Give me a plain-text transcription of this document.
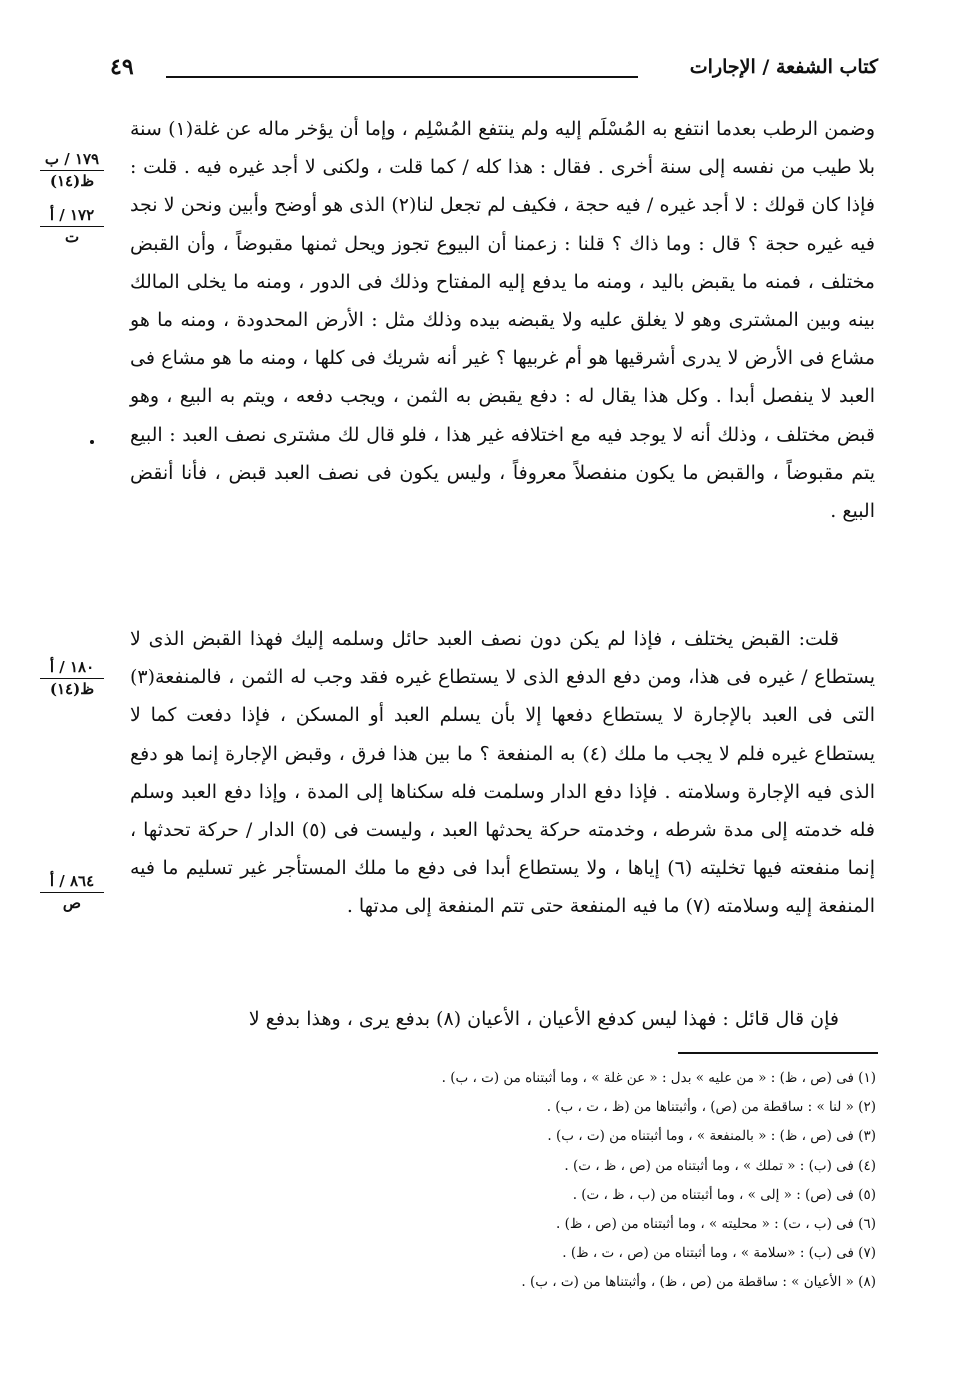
كتاب الشفعة / الإجارات
٤٩

وضمن الرطب بعدما انتفع به المُسْلَم إليه ولم ينتفع المُسْلِم ، وإما أن يؤخر ماله عن غلة(١) سنة بلا طيب من نفسه إلى سنة أخرى . فقال : هذا كله / كما قلت ، ولكنى لا أجد غيره فيه . قلت : فإذا كان قولك : لا أجد غيره / فيه حجة ، فكيف لم تجعل لنا(٢) الذى هو أوضح وأبين ونحن لا نجد فيه غيره حجة ؟ قال : وما ذاك ؟ قلنا : زعمنا أن البيوع تجوز ويحل ثمنها مقبوضاً ، وأن القبض مختلف ، فمنه ما يقبض باليد ، ومنه ما يدفع إليه المفتاح وذلك فى الدور ، ومنه ما يخلى المالك بينه وبين المشترى وهو لا يغلق عليه ولا يقبضه بيده وذلك مثل : الأرض المحدودة ، ومنه ما هو مشاع فى الأرض لا يدرى أشرقيها هو أم غربيها ؟ غير أنه شريك فى كلها ، ومنه ما هو مشاع فى العبد لا ينفصل أبدا . وكل هذا يقال له : دفع يقبض به الثمن ، ويجب دفعه ، ويتم به البيع ، وهو قبض مختلف ، وذلك أنه لا يوجد فيه مع اختلافه غير هذا ، فلو قال لك مشترى نصف العبد : البيع يتم مقبوضاً ، والقبض ما يكون منفصلاً معروفاً ، وليس يكون فى نصف العبد قبض ، فأنا أنقض البيع .

قلت: القبض يختلف ، فإذا لم يكن دون نصف العبد حائل وسلمه إليك فهذا القبض الذى لا يستطاع / غيره فى هذا، ومن دفع الدفع الذى لا يستطاع غيره فقد وجب له الثمن ، فالمنفعة(٣) التى فى العبد بالإجارة لا يستطاع دفعها إلا بأن يسلم العبد أو المسكن ، فإذا دفعت كما لا يستطاع غيره فلم لا يجب ما ملك (٤) به المنفعة ؟ ما بين هذا فرق ، وقبض الإجارة إنما هو دفع الذى فيه الإجارة وسلامته . فإذا دفع الدار وسلمت فله سكناها إلى المدة ، وإذا دفع العبد وسلم فله خدمته إلى مدة شرطه ، وخدمته حركة يحدثها العبد ، وليست فى (٥) الدار / حركة تحدثها ، إنما منفعته فيها تخليته (٦) إياها ، ولا يستطاع أبدا فى دفع ما ملك المستأجر غير تسليم ما فيه المنفعة إليه وسلامته (٧) ما فيه المنفعة حتى تتم المنفعة إلى مدتها .

فإن قال قائل : فهذا ليس كدفع الأعيان ، الأعيان (٨) بدفع يرى ، وهذا بدفع لا

١٧٩ / ب
ظ(١٤)
١٧٢ / أ
ت
١٨٠ / أ
ظ(١٤)
٨٦٤ / أ
ص

(١) فى (ص ، ظ) : « من عليه » بدل : « عن غلة » ، وما أثبتناه من (ت ، ب) .

(٢) « لنا » : ساقطة من (ص) ، وأثبتناها من (ظ ، ت ، ب) .

(٣) فى (ص ، ظ) : « بالمنفعة » ، وما أثبتناه من (ت ، ب) .

(٤) فى (ب) : « تملك » ، وما أثبتناه من (ص ، ظ ، ت) .

(٥) فى (ص) : « إلى » ، وما أثبتناه من (ب ، ظ ، ت) .

(٦) فى (ب ، ت) : « محليته » ، وما أثبتناه من (ص ، ظ) .

(٧) فى (ب) : «سلامة » ، وما أثبتناه من (ص ، ت ، ظ) .

(٨) « الأعيان » : ساقطة من (ص ، ظ) ، وأثبتناها من (ت ، ب) .
